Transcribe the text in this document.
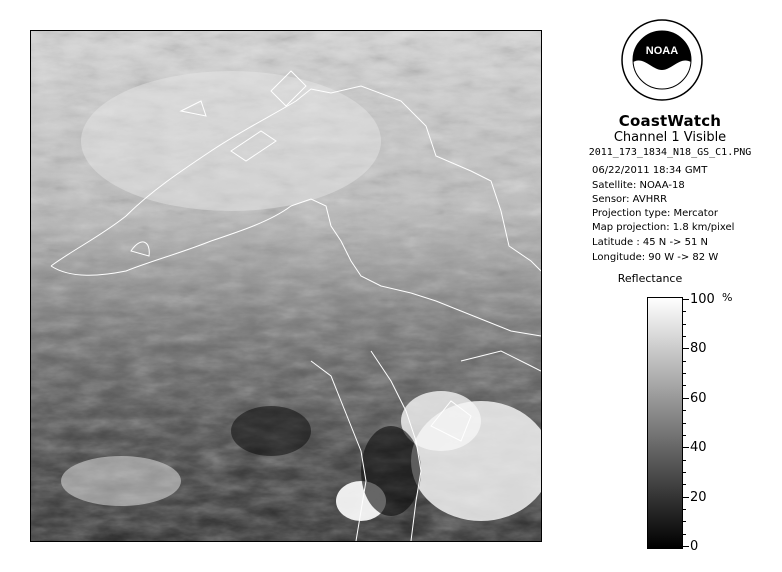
NOAA
CoastWatch
Channel 1 Visible
2011_173_1834_N18_GS_C1.PNG
06/22/2011 18:34 GMT
Satellite: NOAA-18
Sensor: AVHRR
Projection type: Mercator
Map projection: 1.8 km/pixel
Latitude : 45 N -> 51 N
Longitude: 90 W -> 82 W
Reflectance
%
100
80
60
40
20
0
